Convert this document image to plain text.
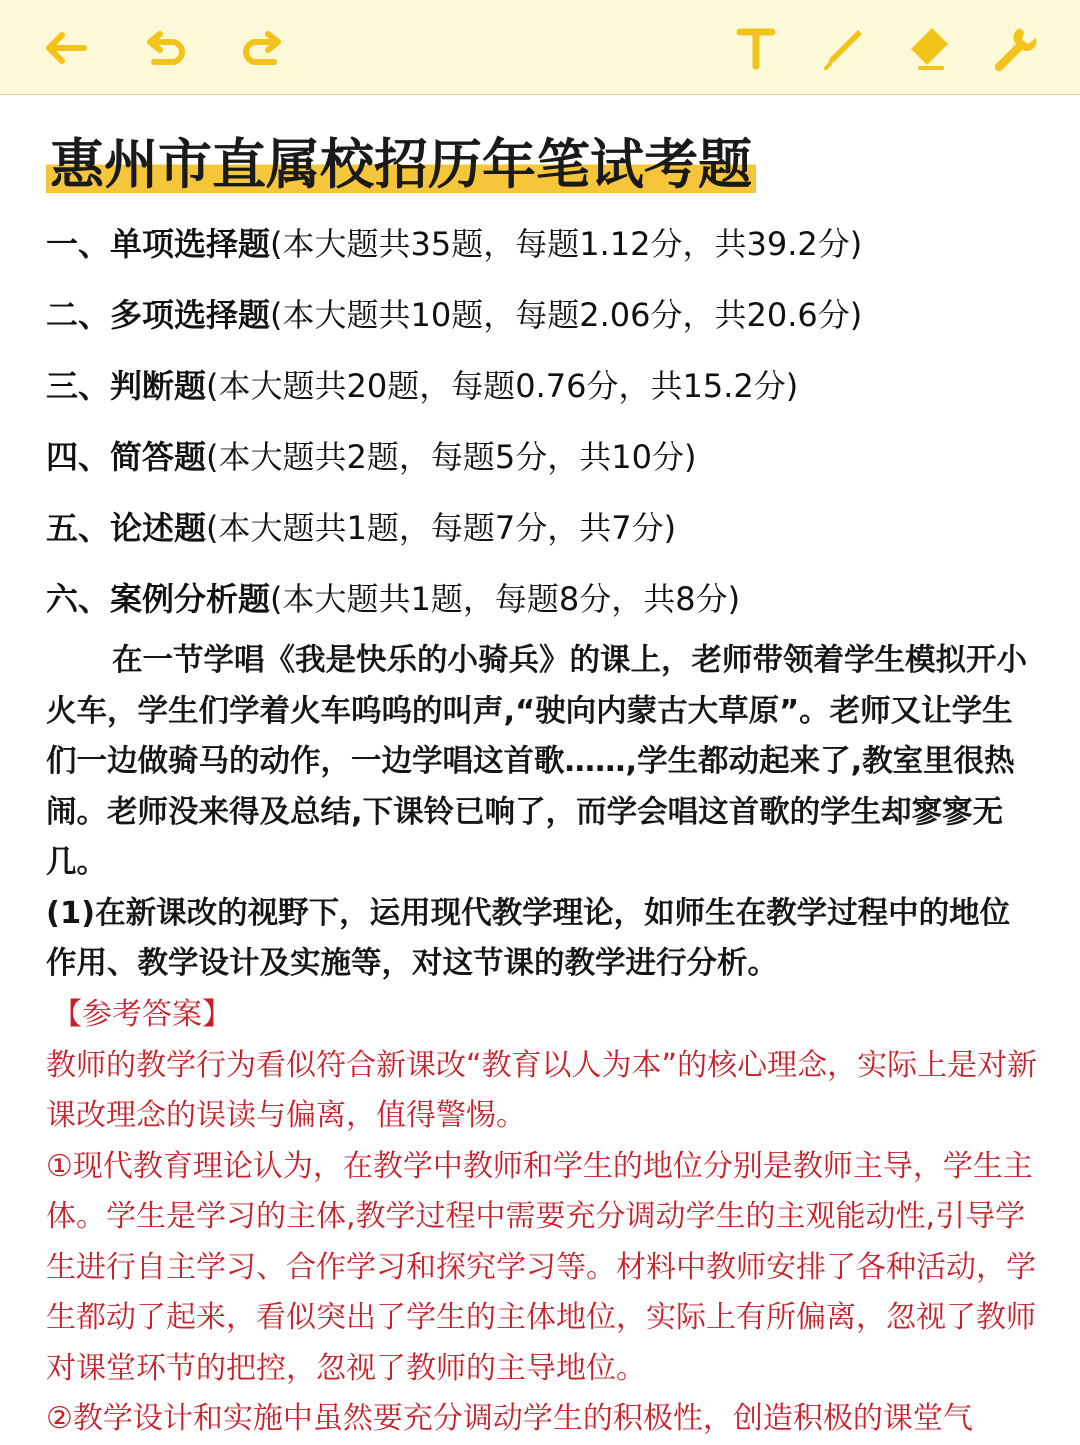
惠州市直属校招历年笔试考题
一、单项选择题(本大题共35题，每题1.12分，共39.2分)
二、多项选择题(本大题共10题，每题2.06分，共20.6分)
三、判断题(本大题共20题，每题0.76分，共15.2分)
四、简答题(本大题共2题，每题5分，共10分)
五、论述题(本大题共1题，每题7分，共7分)
六、案例分析题(本大题共1题，每题8分，共8分)

在一节学唱《我是快乐的小骑兵》的课上，老师带领着学生模拟开小火车，学生们学着火车呜呜的叫声,“驶向内蒙古大草原”。老师又让学生们一边做骑马的动作，一边学唱这首歌……,学生都动起来了,教室里很热闹。老师没来得及总结,下课铃已响了，而学会唱这首歌的学生却寥寥无几。

(1)在新课改的视野下，运用现代教学理论，如师生在教学过程中的地位作用、教学设计及实施等，对这节课的教学进行分析。

【参考答案】

教师的教学行为看似符合新课改“教育以人为本”的核心理念，实际上是对新课改理念的误读与偏离，值得警惕。

①现代教育理论认为，在教学中教师和学生的地位分别是教师主导，学生主体。学生是学习的主体,教学过程中需要充分调动学生的主观能动性,引导学生进行自主学习、合作学习和探究学习等。材料中教师安排了各种活动，学生都动了起来，看似突出了学生的主体地位，实际上有所偏离，忽视了教师对课堂环节的把控，忽视了教师的主导地位。

②教学设计和实施中虽然要充分调动学生的积极性，创造积极的课堂气
